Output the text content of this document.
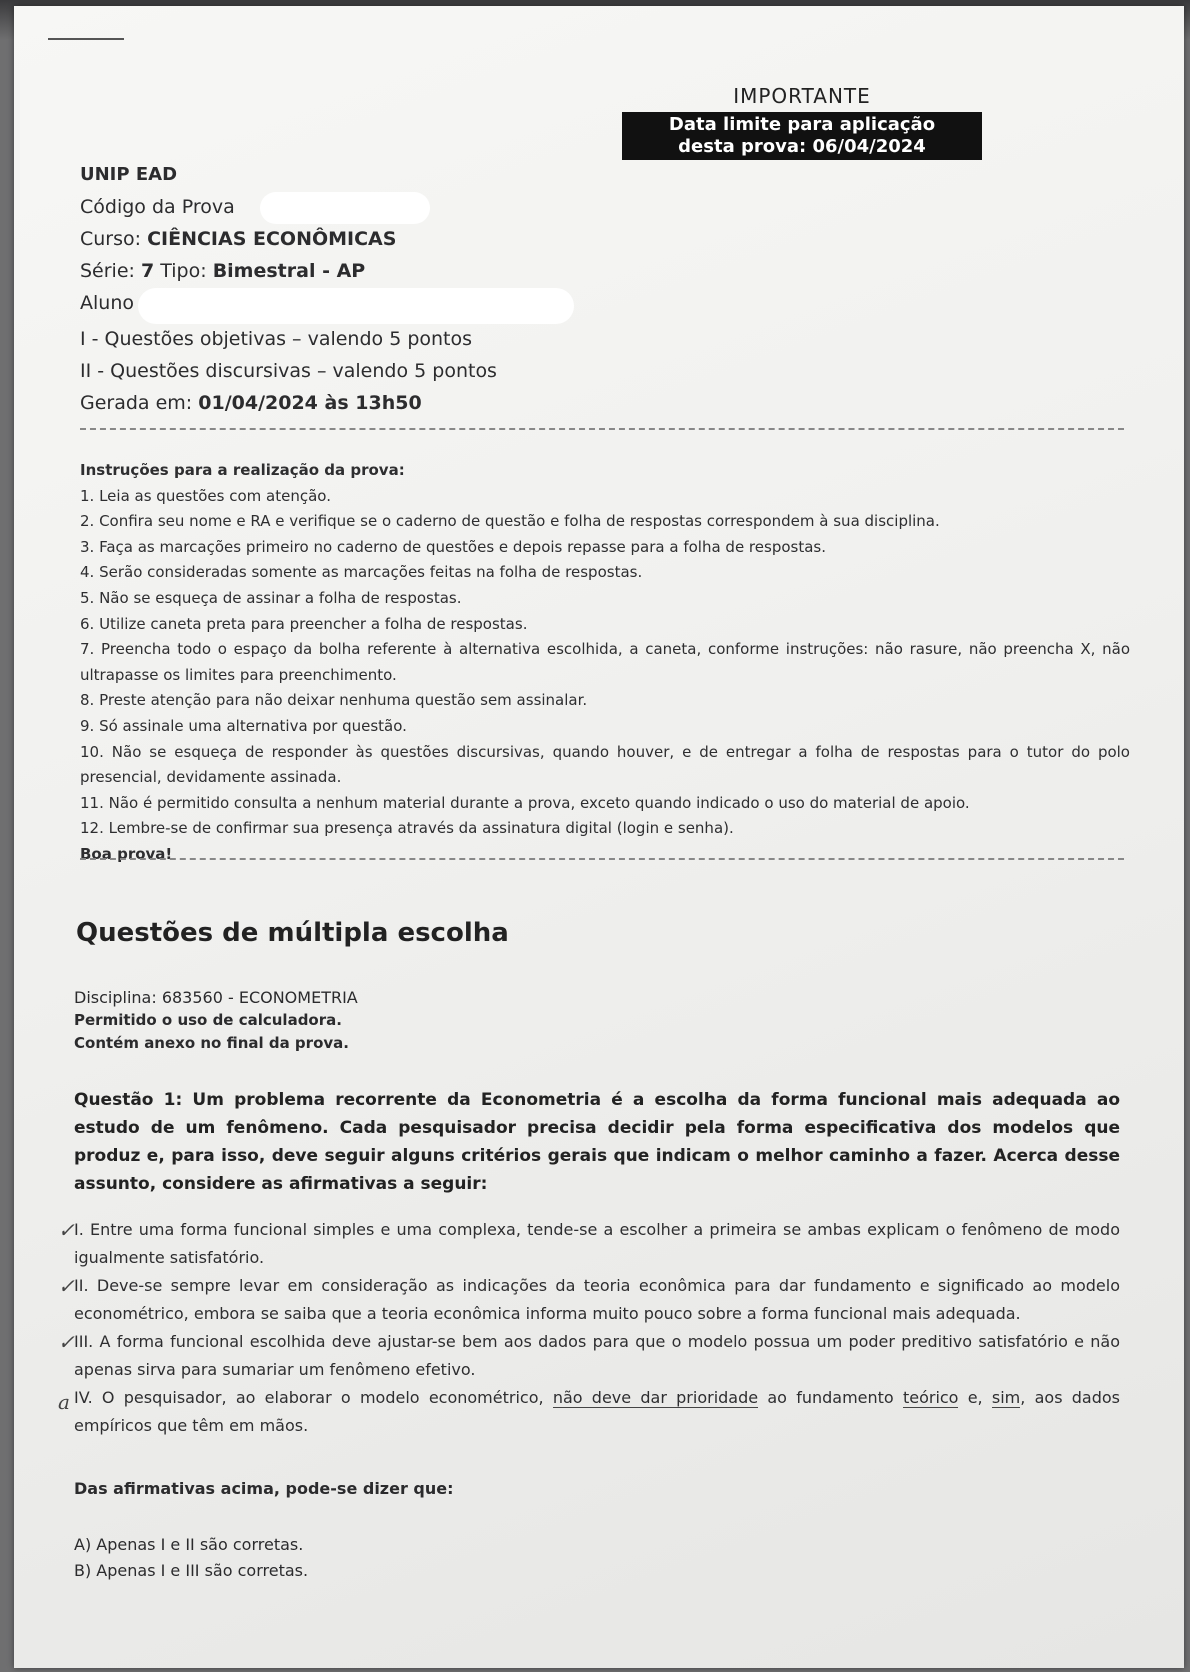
IMPORTANTE
Data limite para aplicação
desta prova: 06/04/2024
UNIP EAD
Código da Prova
Curso: CIÊNCIAS ECONÔMICAS
Série: 7 Tipo: Bimestral - AP
Aluno
I - Questões objetivas – valendo 5 pontos
II - Questões discursivas – valendo 5 pontos
Gerada em: 01/04/2024 às 13h50
Instruções para a realização da prova:
1. Leia as questões com atenção.
2. Confira seu nome e RA e verifique se o caderno de questão e folha de respostas correspondem à sua disciplina.
3. Faça as marcações primeiro no caderno de questões e depois repasse para a folha de respostas.
4. Serão consideradas somente as marcações feitas na folha de respostas.
5. Não se esqueça de assinar a folha de respostas.
6. Utilize caneta preta para preencher a folha de respostas.
7. Preencha todo o espaço da bolha referente à alternativa escolhida, a caneta, conforme instruções: não rasure, não preencha X, não ultrapasse os limites para preenchimento.
8. Preste atenção para não deixar nenhuma questão sem assinalar.
9. Só assinale uma alternativa por questão.
10. Não se esqueça de responder às questões discursivas, quando houver, e de entregar a folha de respostas para o tutor do polo presencial, devidamente assinada.
11. Não é permitido consulta a nenhum material durante a prova, exceto quando indicado o uso do material de apoio.
12. Lembre-se de confirmar sua presença através da assinatura digital (login e senha).
Boa prova!
Questões de múltipla escolha
Disciplina: 683560 - ECONOMETRIA
Permitido o uso de calculadora.
Contém anexo no final da prova.
Questão 1: Um problema recorrente da Econometria é a escolha da forma funcional mais adequada ao estudo de um fenômeno. Cada pesquisador precisa decidir pela forma especificativa dos modelos que produz e, para isso, deve seguir alguns critérios gerais que indicam o melhor caminho a fazer. Acerca desse assunto, considere as afirmativas a seguir:
✓ I. Entre uma forma funcional simples e uma complexa, tende-se a escolher a primeira se ambas explicam o fenômeno de modo igualmente satisfatório.
✓ II. Deve-se sempre levar em consideração as indicações da teoria econômica para dar fundamento e significado ao modelo econométrico, embora se saiba que a teoria econômica informa muito pouco sobre a forma funcional mais adequada.
✓ III. A forma funcional escolhida deve ajustar-se bem aos dados para que o modelo possua um poder preditivo satisfatório e não apenas sirva para sumariar um fenômeno efetivo.
a IV. O pesquisador, ao elaborar o modelo econométrico, não deve dar prioridade ao fundamento teórico e, sim, aos dados empíricos que têm em mãos.
Das afirmativas acima, pode-se dizer que:
A) Apenas I e II são corretas.
B) Apenas I e III são corretas.
